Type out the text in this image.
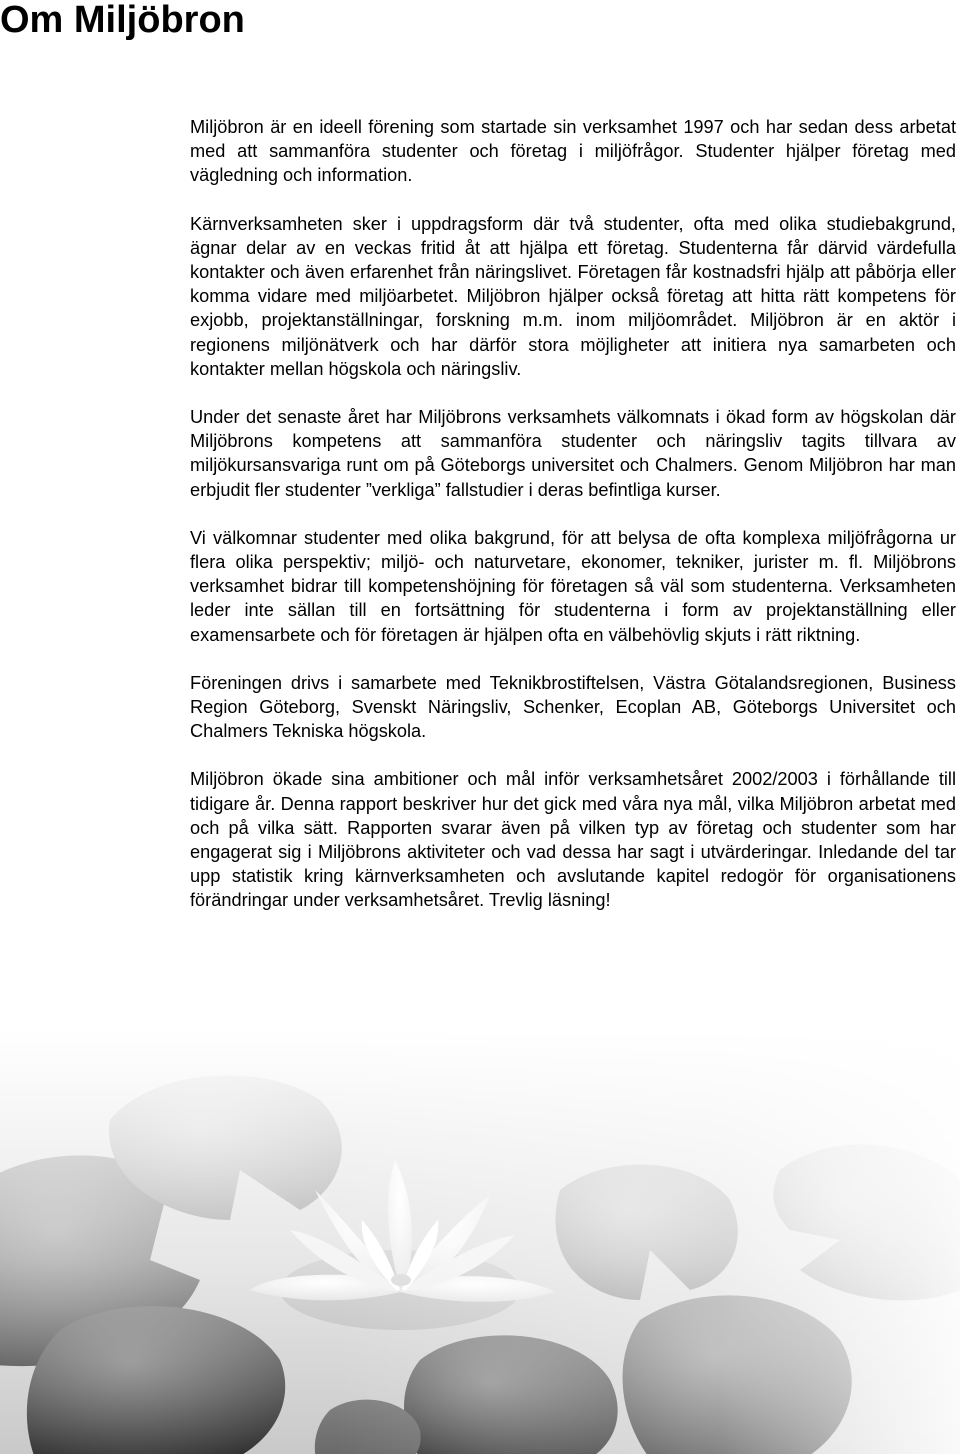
Om Miljöbron

Miljöbron är en ideell förening som startade sin verksamhet 1997 och har sedan dess arbetat med att sammanföra studenter och företag i miljöfrågor. Studenter hjälper företag med vägledning och information.

Kärnverksamheten sker i uppdragsform där två studenter, ofta med olika studiebakgrund, ägnar delar av en veckas fritid åt att hjälpa ett företag. Studenterna får därvid värdefulla kontakter och även erfarenhet från näringslivet. Företagen får kostnadsfri hjälp att påbörja eller komma vidare med miljöarbetet. Miljöbron hjälper också företag att hitta rätt kompetens för exjobb, projektanställningar, forskning m.m. inom miljöområdet. Miljöbron är en aktör i regionens miljönätverk och har därför stora möjligheter att initiera nya samarbeten och kontakter mellan högskola och näringsliv.

Under det senaste året har Miljöbrons verksamhets välkomnats i ökad form av högskolan där Miljöbrons kompetens att sammanföra studenter och näringsliv tagits tillvara av miljökursansvariga runt om på Göteborgs universitet och Chalmers. Genom Miljöbron har man erbjudit fler studenter ”verkliga” fallstudier i deras befintliga kurser.

Vi välkomnar studenter med olika bakgrund, för att belysa de ofta komplexa miljöfrågorna ur flera olika perspektiv; miljö- och naturvetare, ekonomer, tekniker, jurister m. fl. Miljöbrons verksamhet bidrar till kompetenshöjning för företagen så väl som studenterna. Verksamheten leder inte sällan till en fortsättning för studenterna i form av projektanställning eller examensarbete och för företagen är hjälpen ofta en välbehövlig skjuts i rätt riktning.

Föreningen drivs i samarbete med Teknikbrostiftelsen, Västra Götalandsregionen, Business Region Göteborg, Svenskt Näringsliv, Schenker, Ecoplan AB, Göteborgs Universitet och Chalmers Tekniska högskola.

Miljöbron ökade sina ambitioner och mål inför verksamhetsåret 2002/2003 i förhållande till tidigare år. Denna rapport beskriver hur det gick med våra nya mål, vilka Miljöbron arbetat med och på vilka sätt. Rapporten svarar även på vilken typ av företag och studenter som har engagerat sig i Miljöbrons aktiviteter och vad dessa har sagt i utvärderingar. Inledande del tar upp statistik kring kärnverksamheten och avslutande kapitel redogör för organisationens förändringar under verksamhetsåret. Trevlig läsning!
